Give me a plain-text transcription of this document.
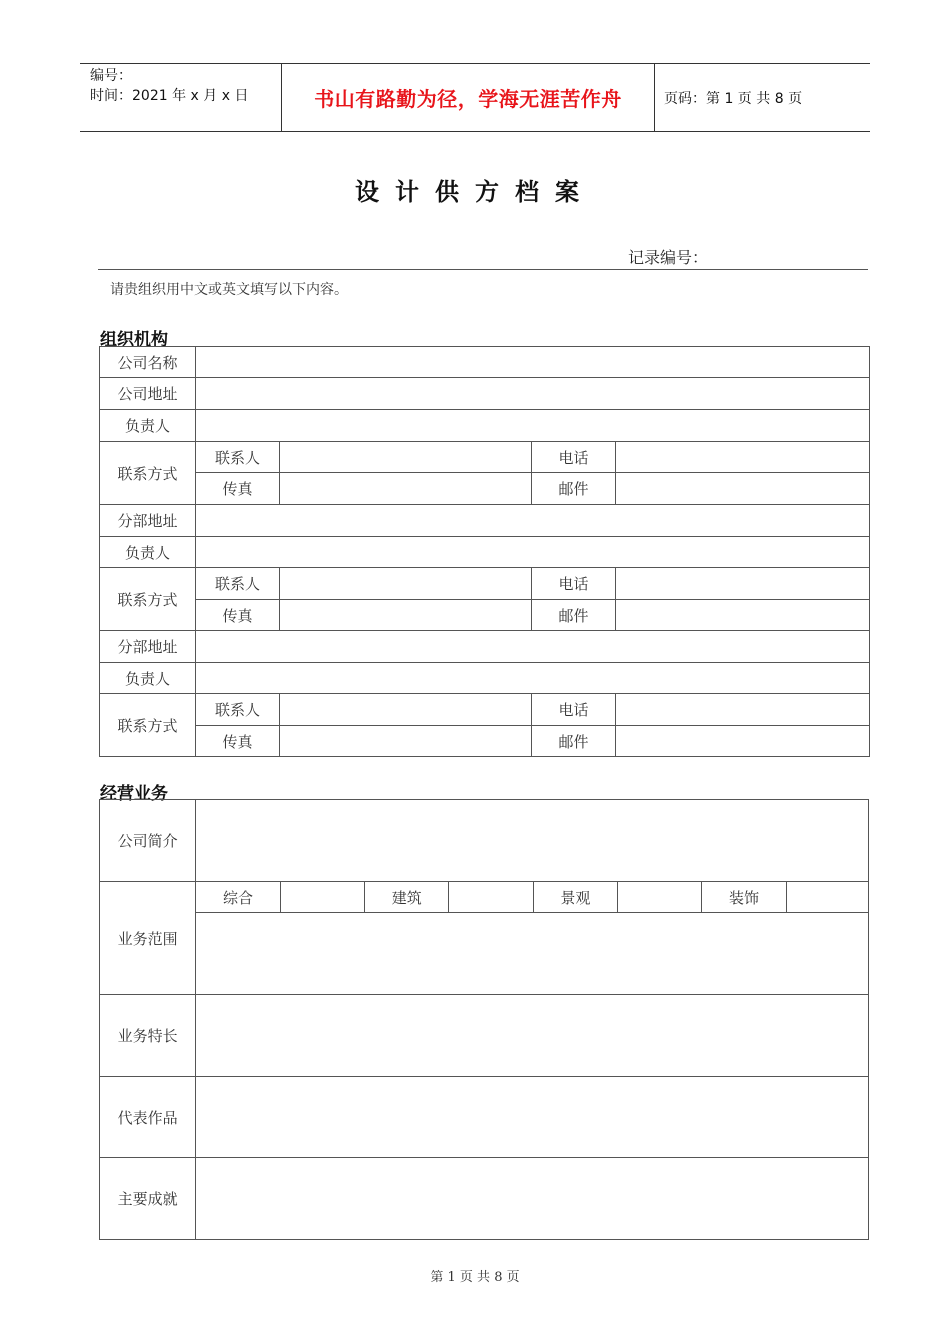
编号：
时间：2021 年 x 月 x 日	书山有路勤为径，学海无涯苦作舟	页码：第 1 页 共 8 页
设计供方档案
记录编号：
请贵组织用中文或英文填写以下内容。
组织机构
公司名称				
公司地址				
负责人				
联系方式	联系人		电话	
	传真		邮件	
分部地址				
负责人				
联系方式	联系人		电话	
	传真		邮件	
分部地址				
负责人				
联系方式	联系人		电话	
	传真		邮件	
经营业务
公司简介								
业务范围	综合		建筑		景观		装饰	

业务特长								
代表作品								
主要成就								
第 1 页 共 8 页
